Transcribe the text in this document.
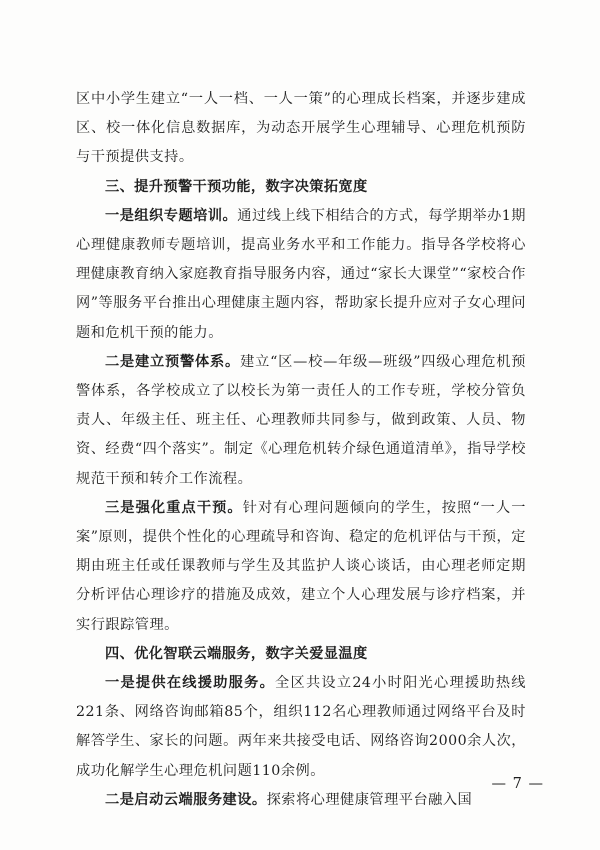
区中小学生建立“一人一档、一人一策”的心理成长档案，并逐步建成区、校一体化信息数据库，为动态开展学生心理辅导、心理危机预防与干预提供支持。

三、提升预警干预功能，数字决策拓宽度

一是组织专题培训。通过线上线下相结合的方式，每学期举办1期心理健康教师专题培训，提高业务水平和工作能力。指导各学校将心理健康教育纳入家庭教育指导服务内容，通过“家长大课堂”“家校合作网”等服务平台推出心理健康主题内容，帮助家长提升应对子女心理问题和危机干预的能力。

二是建立预警体系。建立“区—校—年级—班级”四级心理危机预警体系，各学校成立了以校长为第一责任人的工作专班，学校分管负责人、年级主任、班主任、心理教师共同参与，做到政策、人员、物资、经费“四个落实”。制定《心理危机转介绿色通道清单》，指导学校规范干预和转介工作流程。

三是强化重点干预。针对有心理问题倾向的学生，按照“一人一案”原则，提供个性化的心理疏导和咨询、稳定的危机评估与干预，定期由班主任或任课教师与学生及其监护人谈心谈话，由心理老师定期分析评估心理诊疗的措施及成效，建立个人心理发展与诊疗档案，并实行跟踪管理。

四、优化智联云端服务，数字关爱显温度

一是提供在线援助服务。全区共设立24小时阳光心理援助热线221条、网络咨询邮箱85个，组织112名心理教师通过网络平台及时解答学生、家长的问题。两年来共接受电话、网络咨询2000余人次，成功化解学生心理危机问题110余例。

二是启动云端服务建设。探索将心理健康管理平台融入国

— 7 —
